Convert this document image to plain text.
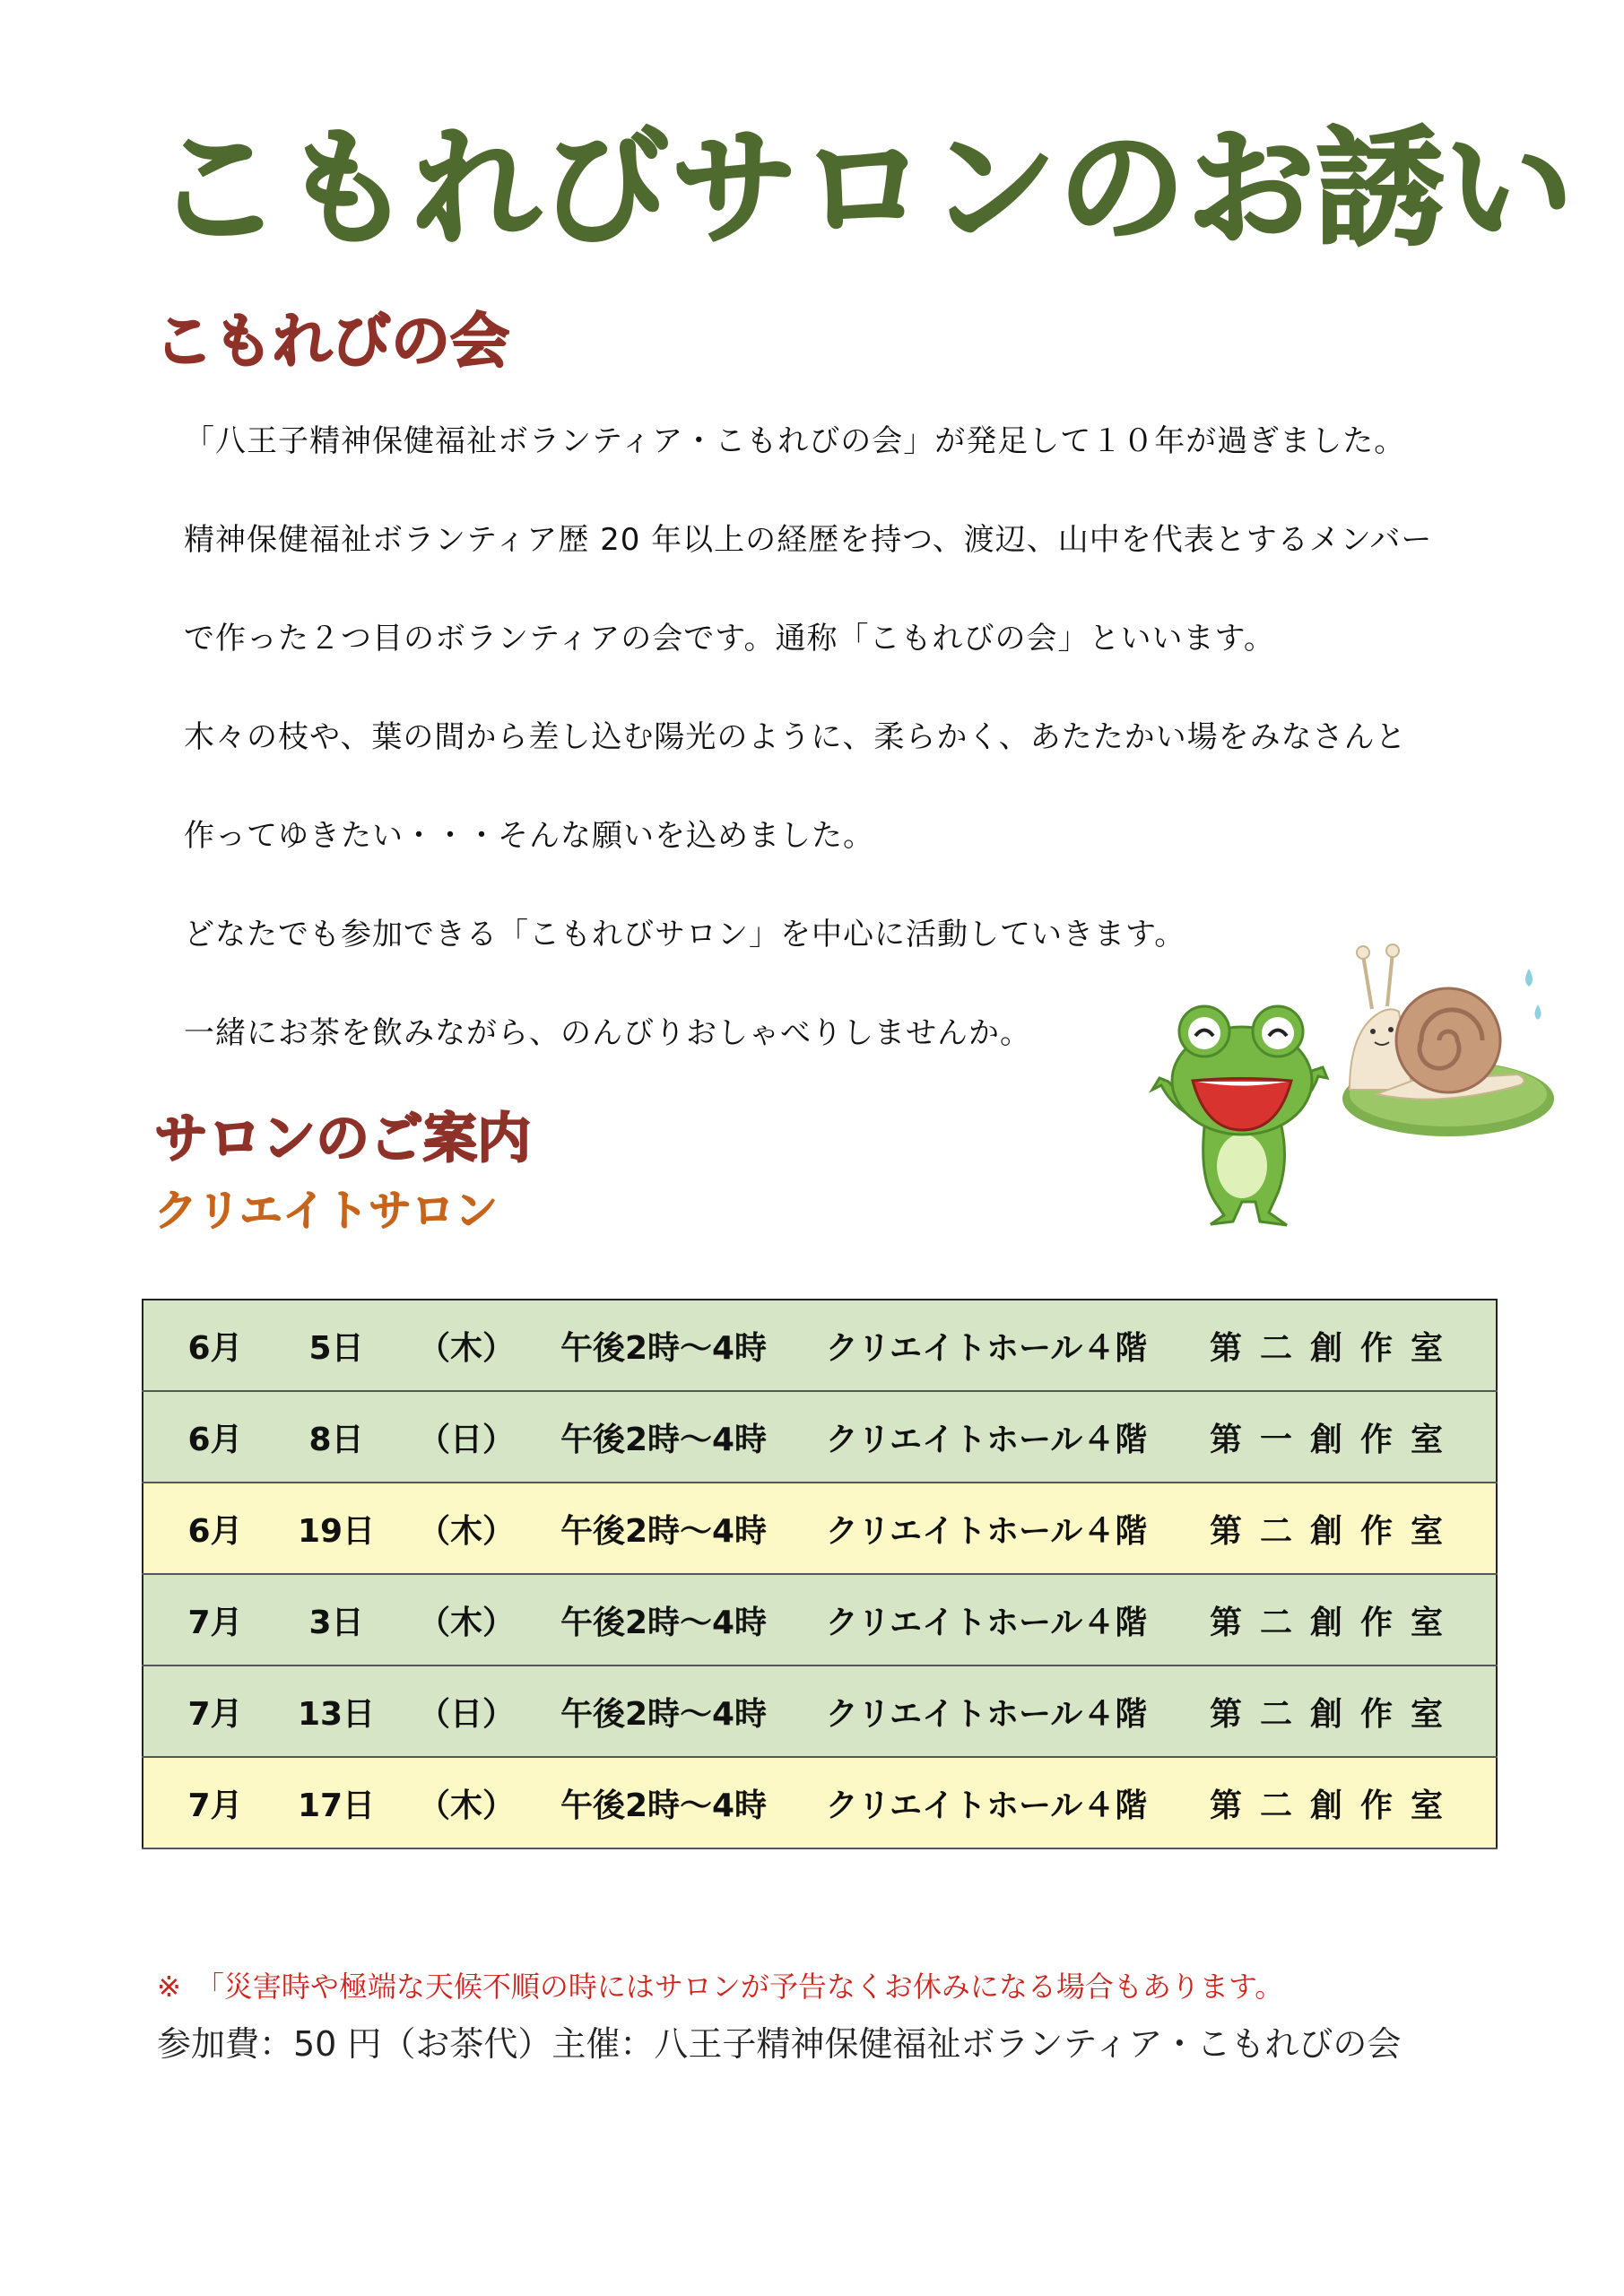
こもれびサロンのお誘い
こもれびの会

「八王子精神保健福祉ボランティア・こもれびの会」が発足して１０年が過ぎました。

精神保健福祉ボランティア歴 20 年以上の経歴を持つ、渡辺、山中を代表とするメンバー

で作った２つ目のボランティアの会です。通称「こもれびの会」といいます。

木々の枝や、葉の間から差し込む陽光のように、柔らかく、あたたかい場をみなさんと

作ってゆきたい・・・そんな願いを込めました。

どなたでも参加できる「こもれびサロン」を中心に活動していきます。

一緒にお茶を飲みながら、のんびりおしゃべりしませんか。

サロンのご案内
クリエイトサロン
6月	5日	（木）	午後2時～4時	クリエイトホール４階	第二創作室
6月	8日	（日）	午後2時～4時	クリエイトホール４階	第一創作室
6月	19日	（木）	午後2時～4時	クリエイトホール４階	第二創作室
7月	3日	（木）	午後2時～4時	クリエイトホール４階	第二創作室
7月	13日	（日）	午後2時～4時	クリエイトホール４階	第二創作室
7月	17日	（木）	午後2時～4時	クリエイトホール４階	第二創作室

※　「災害時や極端な天候不順の時にはサロンが予告なくお休みになる場合もあります。

参加費：50 円（お茶代）主催：八王子精神保健福祉ボランティア・こもれびの会
